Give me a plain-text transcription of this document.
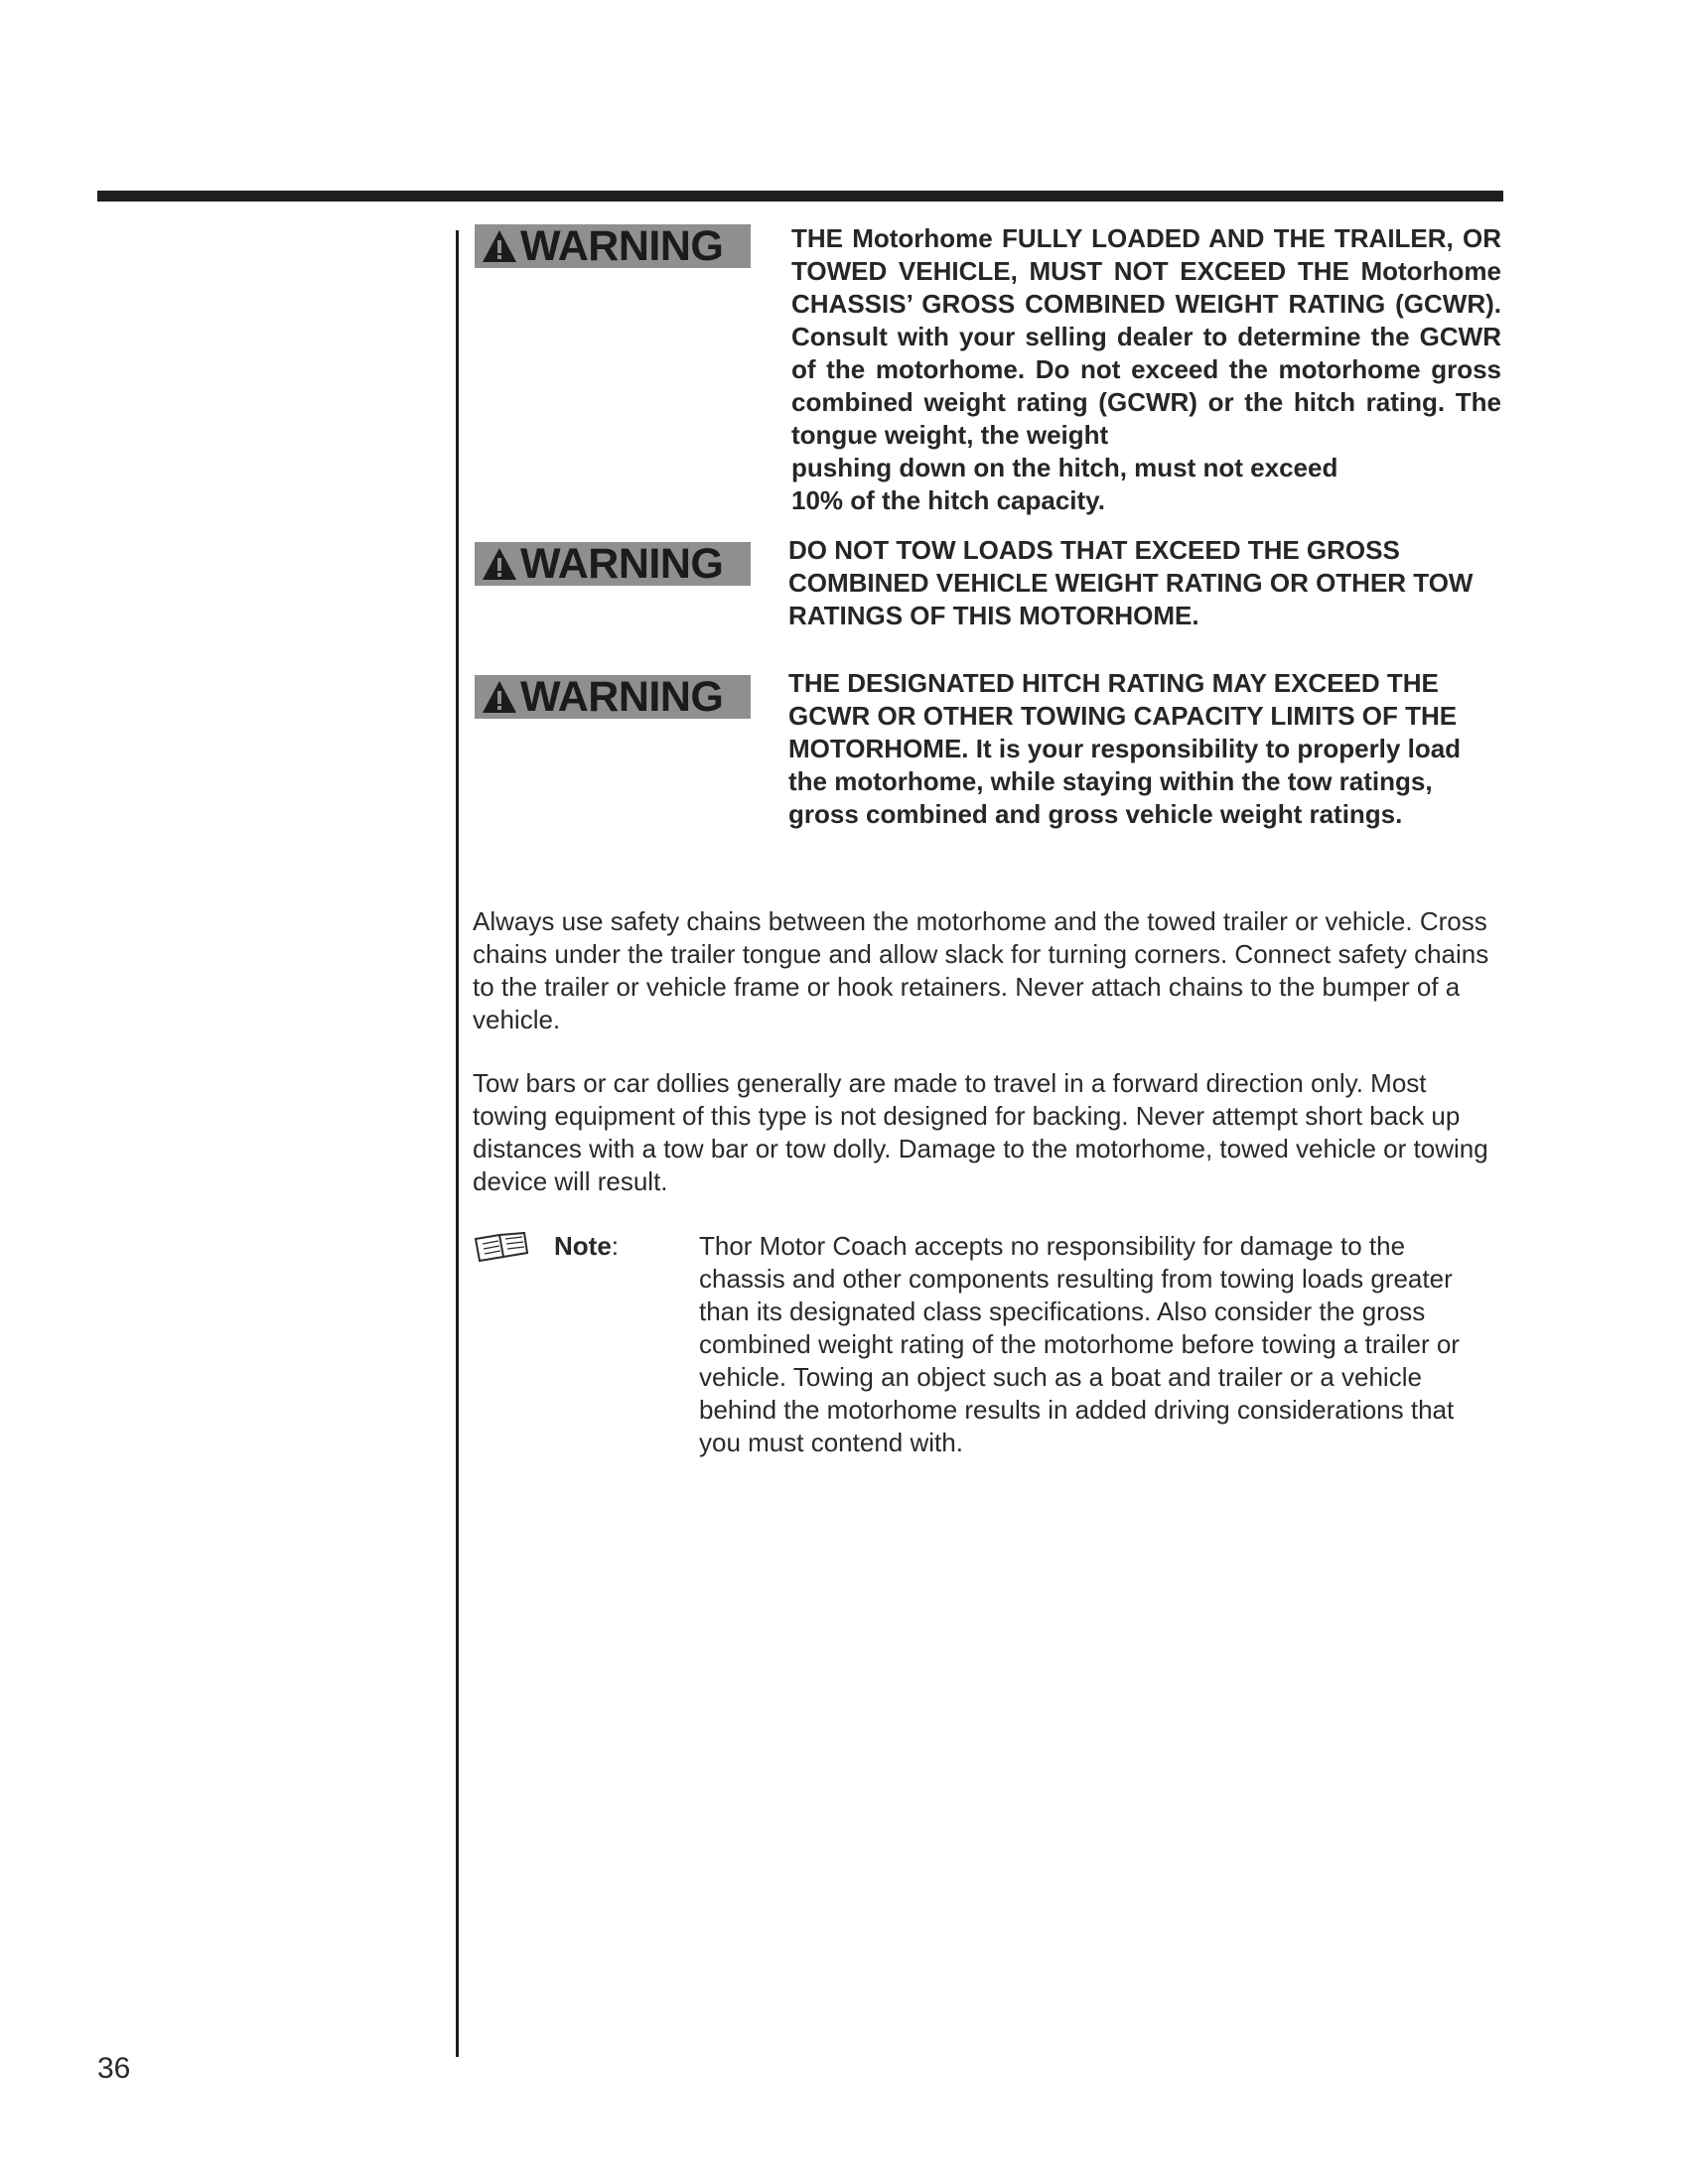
WARNING	THE Motorhome FULLY LOADED AND THE TRAILER, OR TOWED VEHICLE, MUST NOT EXCEED THE Motorhome CHASSIS’ GROSS COMBINED WEIGHT RATING (GCWR). Consult with your selling dealer to determine the GCWR of the motorhome. Do not exceed the motorhome gross combined weight rating (GCWR) or the hitch rating. The tongue weight, the weight
pushing down on the hitch, must not exceed
10% of the hitch capacity.
WARNING	DO NOT TOW LOADS THAT EXCEED THE GROSS COMBINED VEHICLE WEIGHT RATING OR OTHER TOW RATINGS OF THIS MOTORHOME.

WARNING	THE DESIGNATED HITCH RATING MAY EXCEED THE GCWR OR OTHER TOWING CAPACITY LIMITS OF THE MOTORHOME. It is your responsibility to properly load the motorhome, while staying within the tow ratings, gross combined and gross vehicle weight ratings.

Always use safety chains between the motorhome and the towed trailer or vehicle. Cross chains under the trailer tongue and allow slack for turning corners. Connect safety chains to the trailer or vehicle frame or hook retainers. Never attach chains to the bumper of a vehicle.

Tow bars or car dollies generally are made to travel in a forward direction only. Most towing equipment of this type is not designed for backing. Never attempt short back up distances with a tow bar or tow dolly. Damage to the motorhome, towed vehicle or towing device will result.

Note:	Thor Motor Coach accepts no responsibility for damage to the chassis and other components resulting from towing loads greater than its designated class specifications. Also consider the gross combined weight rating of the motorhome before towing a trailer or vehicle. Towing an object such as a boat and trailer or a vehicle behind the motorhome results in added driving considerations that you must contend with.

36
